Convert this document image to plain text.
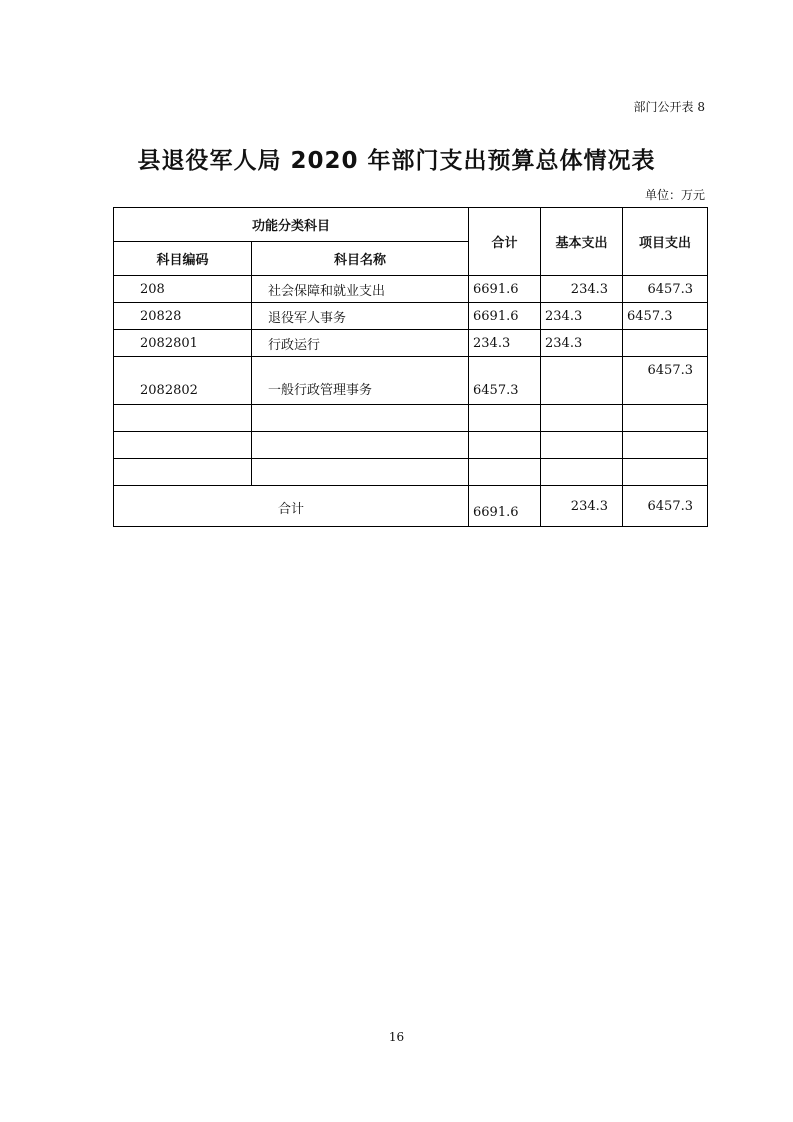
部门公开表 8
县退役军人局 2020 年部门支出预算总体情况表
单位：万元
功能分类科目		合计	基本支出	项目支出
科目编码	科目名称			
208	社会保障和就业支出	6691.6	234.3	6457.3
20828	退役军人事务	6691.6	234.3	6457.3
2082801	行政运行	234.3	234.3	
2082802	一般行政管理事务	6457.3		6457.3

合计		6691.6	234.3	6457.3
16
